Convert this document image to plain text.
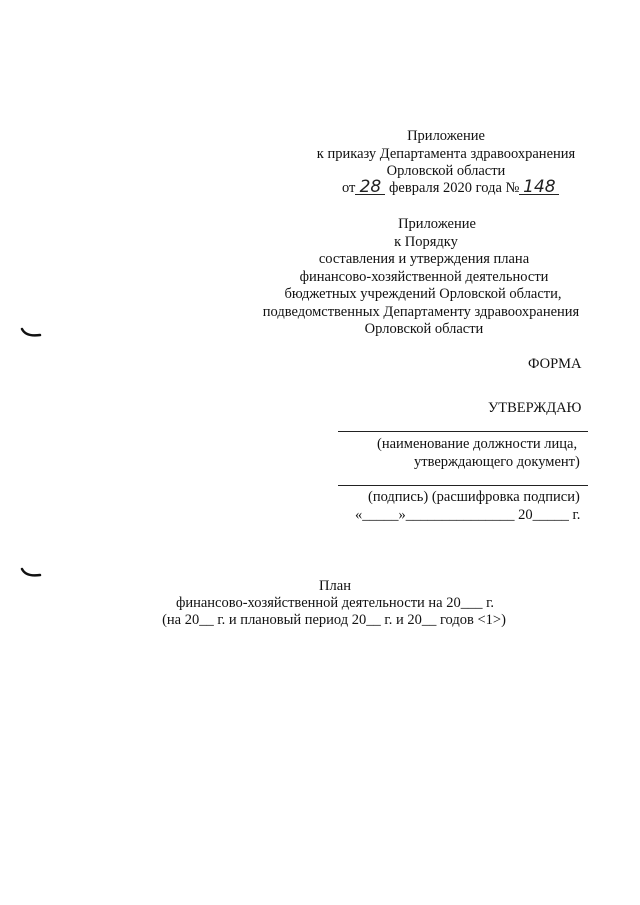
Приложение
к приказу Департамента здравоохранения
Орловской области
от 28 февраля 2020 года № 148
Приложение
к Порядку
составления и утверждения плана
финансово-хозяйственной деятельности
бюджетных учреждений Орловской области,
подведомственных Департаменту здравоохранения
Орловской области
ФОРМА
УТВЕРЖДАЮ
(наименование должности лица,
утверждающего документ)
(подпись) (расшифровка подписи)
«_____»_______________ 20_____ г.
План
финансово-хозяйственной деятельности на 20___ г.
(на 20__ г. и плановый период 20__ г. и 20__ годов <1>)
